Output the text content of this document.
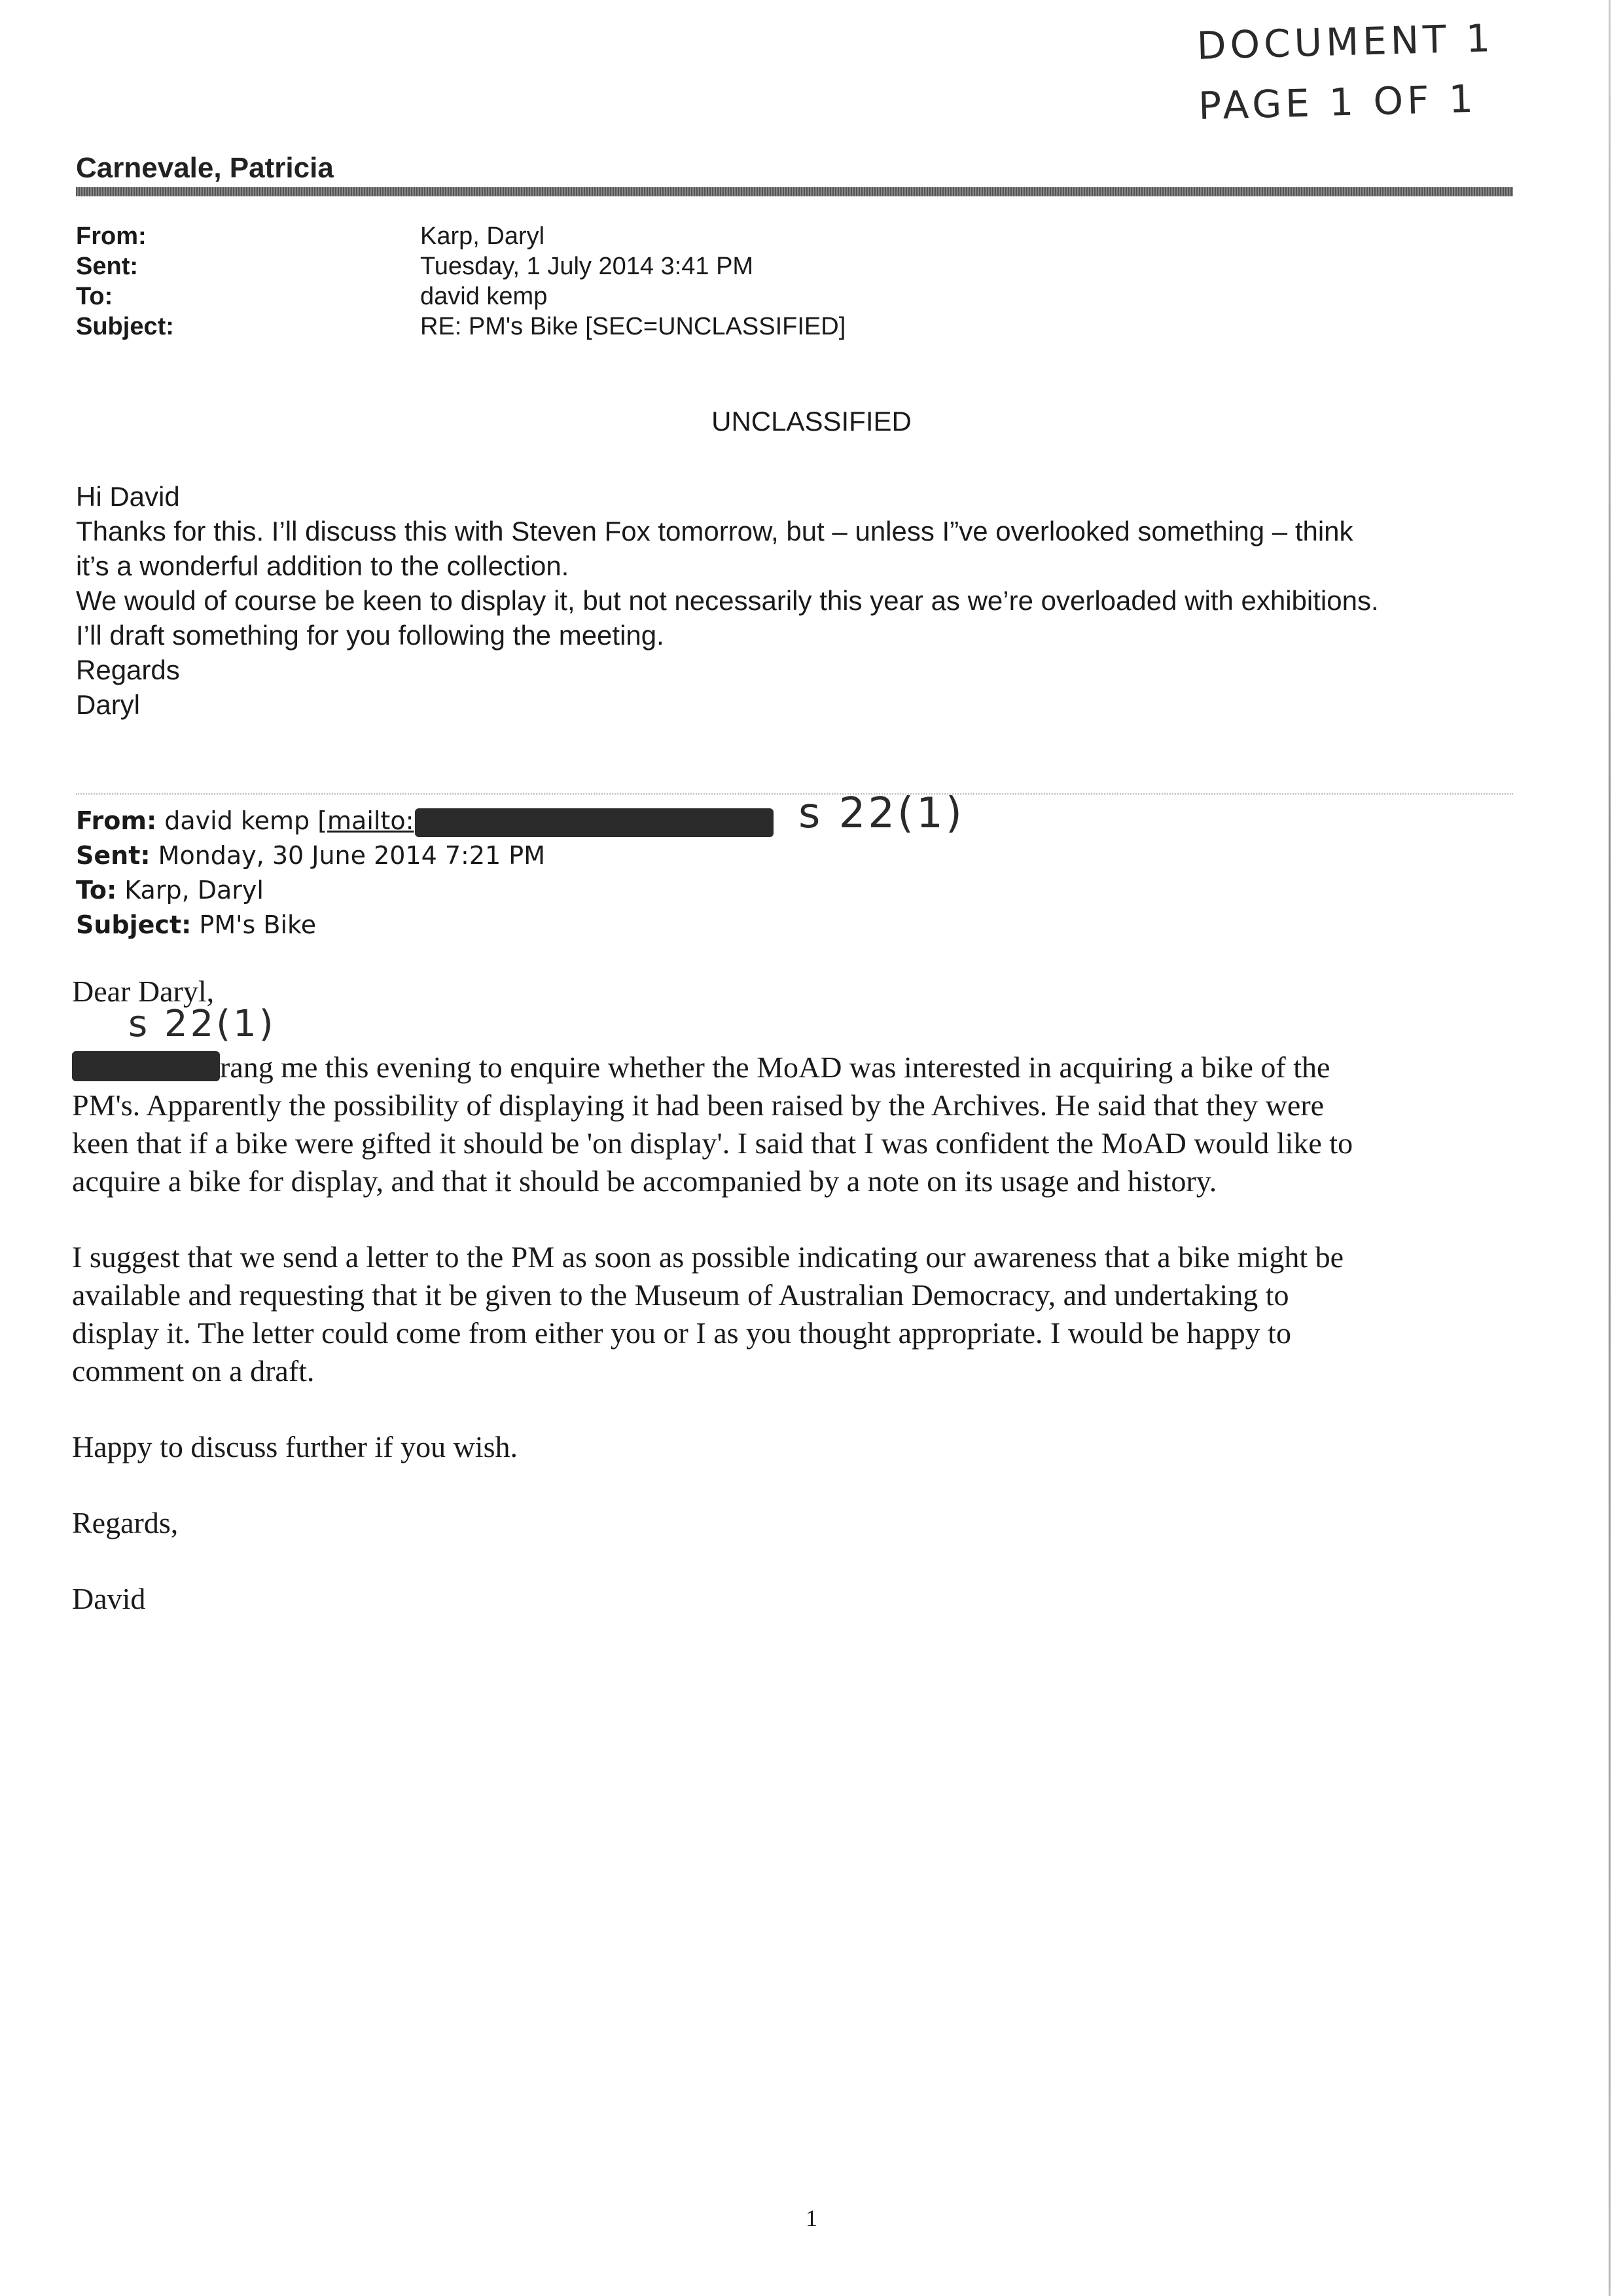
DOCUMENT 1
PAGE 1 OF 1
Carnevale, Patricia
From:	Karp, Daryl
Sent:	Tuesday, 1 July 2014 3:41 PM
To:	david kemp
Subject:	RE: PM's Bike [SEC=UNCLASSIFIED]
UNCLASSIFIED
Hi David
Thanks for this. I’ll discuss this with Steven Fox tomorrow, but – unless I”ve overlooked something – think
it’s a wonderful addition to the collection.
We would of course be keen to display it, but not necessarily this year as we’re overloaded with exhibitions.
I’ll draft something for you following the meeting.
Regards
Daryl
From: david kemp [mailto:
Sent: Monday, 30 June 2014 7:21 PM
To: Karp, Daryl
Subject: PM's Bike
s 22(1)
Dear Daryl,
rang me this evening to enquire whether the MoAD was interested in acquiring a bike of the
PM's. Apparently the possibility of displaying it had been raised by the Archives. He said that they were
keen that if a bike were gifted it should be 'on display'. I said that I was confident the MoAD would like to
acquire a bike for display, and that it should be accompanied by a note on its usage and history.
I suggest that we send a letter to the PM as soon as possible indicating our awareness that a bike might be
available and requesting that it be given to the Museum of Australian Democracy, and undertaking to
display it. The letter could come from either you or I as you thought appropriate. I would be happy to
comment on a draft.
Happy to discuss further if you wish.
Regards,
David
s 22(1)
1
